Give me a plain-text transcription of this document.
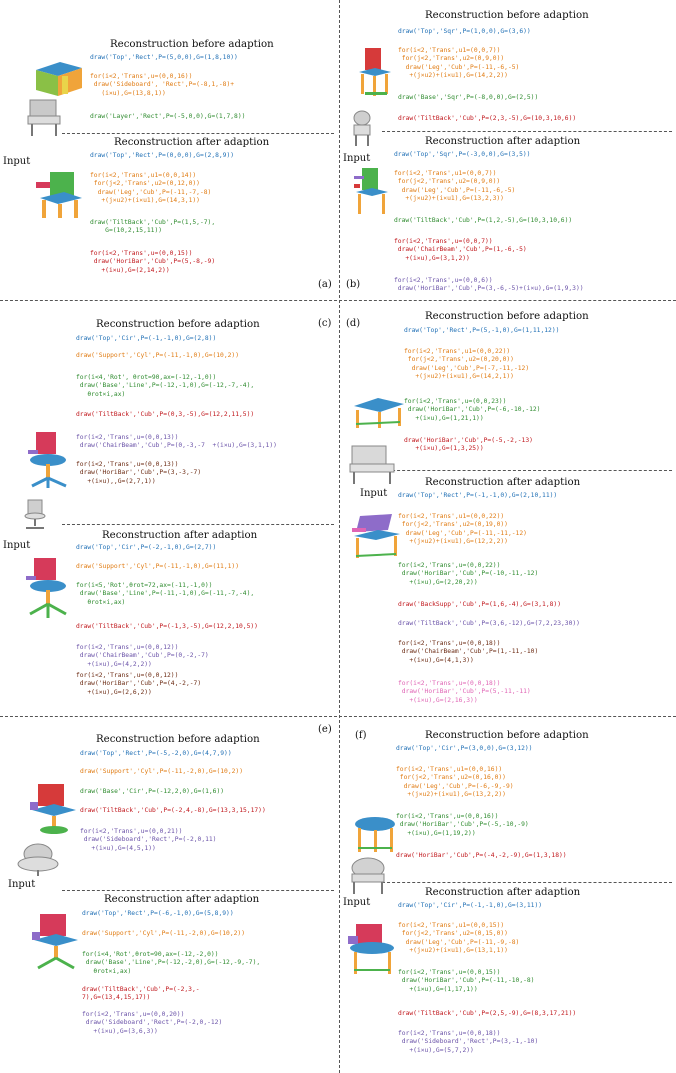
Reconstruction before adaption
draw('Top','Rect',P=(5,0,0),G=(1,8,10))
for(i<2,'Trans',u=(0,0,16))
draw('Sideboard', 'Rect',P=(-8,1,-8)+
(i×u),G=(13,8,1))
draw('Layer','Rect',P=(-5,0,0),G=(1,7,8))
Input
Reconstruction after adaption
draw('Top','Rect',P=(0,0,0),G=(2,8,9))
for(i<2,'Trans',u1=(0,0,14))
for(j<2,'Trans',u2=(0,12,0))
draw('Leg','Cub',P=(-11,-7,-8)
+(j×u2)+(i×u1),G=(14,3,1))
draw('TiltBack','Cub',P=(1,5,-7),
G=(10,2,15,11))
for(i<2,'Trans',u=(0,0,15))
draw('HoriBar','Cub',P=(5,-8,-9)
+(i×u),G=(2,14,2))
(a)
Reconstruction before adaption
draw('Top','Sqr',P=(1,0,0),G=(3,6))
for(i<2,'Trans',u1=(0,0,7))
for(j<2,'Trans',u2=(0,9,0))
draw('Leg','Cub',P=(-11,-6,-5)
+(j×u2)+(i×u1),G=(14,2,2))
draw('Base','Sqr',P=(-8,0,0),G=(2,5))
draw('TiltBack','Cub',P=(2,3,-5),G=(10,3,10,6))
Input
Reconstruction after adaption
draw('Top','Sqr',P=(-3,0,0),G=(3,5))
for(i<2,'Trans',u1=(0,0,7))
for(j<2,'Trans',u2=(0,9,0))
draw('Leg','Cub',P=(-11,-6,-5)
+(j×u2)+(i×u1),G=(13,2,3))
draw('TiltBack','Cub',P=(1,2,-5),G=(10,3,10,6))
for(i<2,'Trans',u=(0,0,7))
draw('ChairBeam','Cub',P=(1,-6,-5)
+(i×u),G=(3,1,2))
for(i<2,'Trans',u=(0,0,6))
draw('HoriBar','Cub',P=(3,-6,-5)+(i×u),G=(1,9,3))
(b)
Reconstruction before adaption
draw('Top','Cir',P=(-1,-1,0),G=(2,8))
draw('Support','Cyl',P=(-11,-1,0),G=(10,2))
for(i<4,'Rot', θrot=90,ax=(-12,-1,0))
draw('Base','Line',P=(-12,-1,0),G=(-12,-7,-4),
θrot×i,ax)
draw('TiltBack','Cub',P=(0,3,-5),G=(12,2,11,5))
for(i<2,'Trans',u=(0,0,13))
draw('ChairBeam','Cub',P=(0,-3,-7  +(i×u),G=(3,1,1))
for(i<2,'Trans',u=(0,0,13))
draw('HoriBar','Cub',P=(3,-3,-7)
+(i×u),,G=(2,7,1))
Input
Reconstruction after adaption
draw('Top','Cir',P=(-2,-1,0),G=(2,7))
draw('Support','Cyl',P=(-11,-1,0),G=(11,1))
for(i<5,'Rot',θrot=72,ax=(-11,-1,0))
draw('Base','Line',P=(-11,-1,0),G=(-11,-7,-4),
θrot×i,ax)
draw('TiltBack','Cub',P=(-1,3,-5),G=(12,2,10,5))
for(i<2,'Trans',u=(0,0,12))
draw('ChairBeam','Cub',P=(0,-2,-7)
+(i×u),G=(4,2,2))
for(i<2,'Trans',u=(0,0,12))
draw('HoriBar','Cub',P=(4,-2,-7)
+(i×u),G=(2,6,2))
(c) (d)
Reconstruction before adaption
draw('Top','Rect',P=(5,-1,0),G=(1,11,12))
for(i<2,'Trans',u1=(0,0,22))
for(j<2,'Trans',u2=(0,20,0))
draw('Leg','Cub',P=(-7,-11,-12)
+(j×u2)+(i×u1),G=(14,2,1))
for(i<2,'Trans',u=(0,0,23))
draw('HoriBar','Cub',P=(-6,-10,-12)
+(i×u),G=(1,21,1))
draw('HoriBar','Cub',P=(-5,-2,-13)
+(i×u),G=(1,3,25))
Input
Reconstruction after adaption
draw('Top','Rect',P=(-1,-1,0),G=(2,10,11))
for(i<2,'Trans',u1=(0,0,22))
for(j<2,'Trans',u2=(0,19,0))
draw('Leg','Cub',P=(-11,-11,-12)
+(j×u2)+(i×u1),G=(12,2,2))
for(i<2,'Trans',u=(0,0,22))
draw('HoriBar','Cub',P=(-10,-11,-12)
+(i×u),G=(2,20,2))
draw('BackSupp','Cub',P=(1,6,-4),G=(3,1,8))
draw('TiltBack','Cub',P=(3,6,-12),G=(7,2,23,30))
for(i<2,'Trans',u=(0,0,18))
draw('ChairBeam','Cub',P=(1,-11,-10)
+(i×u),G=(4,1,3))
for(i<2,'Trans',u=(0,0,18))
draw('HoriBar','Cub',P=(5,-11,-11)
+(i×u),G=(2,16,3))
(e)
Reconstruction before adaption
draw('Top','Rect',P=(-5,-2,0),G=(4,7,9))
draw('Support','Cyl',P=(-11,-2,0),G=(10,2))
draw('Base','Cir',P=(-12,2,0),G=(1,6))
draw('TiltBack','Cub',P=(-2,4,-8),G=(13,3,15,17))
for(i<2,'Trans',u=(0,0,21))
draw('Sideboard','Rect',P=(-2,0,11)
+(i×u),G=(4,5,1))
Input
Reconstruction after adaption
draw('Top','Rect',P=(-6,-1,0),G=(5,8,9))
draw('Support','Cyl',P=(-11,-2,0),G=(10,2))
for(i<4,'Rot',θrot=90,ax=(-12,-2,0))
draw('Base','Line',P=(-12,-2,0),G=(-12,-9,-7),
θrot×i,ax)
draw('TiltBack','Cub',P=(-2,3,-
7),G=(13,4,15,17))
for(i<2,'Trans',u=(0,0,20))
draw('Sideboard','Rect',P=(-2,0,-12)
+(i×u),G=(3,6,3))
(f)	Reconstruction before adaption
draw('Top','Cir',P=(3,0,0),G=(3,12))
for(i<2,'Trans',u1=(0,0,16))
for(j<2,'Trans',u2=(0,16,0))
draw('Leg','Cub',P=(-6,-9,-9)
+(j×u2)+(i×u1),G=(13,2,2))
for(i<2,'Trans',u=(0,0,16))
draw('HoriBar','Cub',P=(-5,-10,-9)
+(i×u),G=(1,19,2))
draw('HoriBar','Cub',P=(-4,-2,-9),G=(1,3,18))
Input
Reconstruction after adaption
draw('Top','Cir',P=(-1,-1,0),G=(3,11))
for(i<2,'Trans',u1=(0,0,15))
for(j<2,'Trans',u2=(0,15,0))
draw('Leg','Cub',P=(-11,-9,-8)
+(j×u2)+(i×u1),G=(13,1,1))
for(i<2,'Trans',u=(0,0,15))
draw('HoriBar','Cub',P=(-11,-10,-8)
+(i×u),G=(1,17,1))
draw('TiltBack','Cub',P=(2,5,-9),G=(8,3,17,21))
for(i<2,'Trans',u=(0,0,18))
draw('Sideboard','Rect',P=(3,-1,-10)
+(i×u),G=(5,7,2))
